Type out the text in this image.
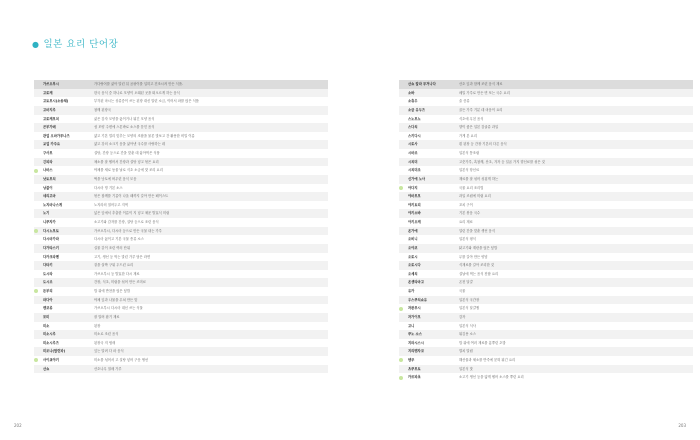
● 일본 요리 단어장
가쓰오부시	가다랑어를 삶아 말린 뒤 곰팡이를 입히고 건조시켜 만든 식품.
고로케	한국 음식 중 하나로 모양이 오래된 곳을 떠오르게 하는 음식
고토모시(소송채)	부각된 마시는 상류층이 쓰는 된장 대신 말린 소금, 이어서 파를 얹은 식품
고마지루	참깨 된장국
고로케모치	삶은 감자 모양을 끓이거나 튀긴 모양 음식
곤부가메	섬 모양 주변에 스톤바로 소스를 묻힌 음식
관업 오마가투나즈	얇고 기본 멀리 맞추는 모양의 조합을 물론 맛보고 간 활용한 비밀 이름
교업 카주요	얇고 강의 소크기 음을 삶아낸 국수를 사랑하는 데
구사모	설탕, 간장 등으로 간을 맞춘 데 삶아먹은 식품
긴피라	채소를 잘 썰어서 간장과 설탕 넣고 볶은 요리
나마스	야채를 새로 동물 날로 식초 소금에 맛 조리 요리
낫토모치	떡을 낫토에 버무린 음식 모음
낭풀이	다시마 빙 기본 소스
네리고마	볶은 참깨를 기름이 나올 때까지 갈아 만든 페이스트
노지마나스게	노지라의 열어두고 지역
노기	넓은 잎에서 추출한 이름이 지 넣고 채운 발효식 미림
니쿠자가	소고기와 감자를 간장, 설탕 등으로 조린 음식
다시노모토	가쓰오부시, 다시마 등으로 만든 국물 내는 가루
다시마가라	다시마 끓이고 기본 국물 종류 소스
다가타스키	실물 같이 조린 여러 단위
다카크라멘	고기, 생선 등 먹는 말린 가루 담은 라면
다타키	겉을 살짝 구워 두드린 요리
도시라	가쓰오부시 등 발효한 다시 재료
도시조	간장, 식초, 미림을 섞어 만든 조미료
돈부리	밥 위에 반찬을 얹은 덮밥
라다아	야채 잎과 나물을 무쳐 만든 맛
렌코류	가쓰오부시 다시마 대신 쓰는 식물
모미	잘 말려 잡기 재료
미소	된장
미소시루	미소로 조린 음식
미소시루즈	된장국 저 냄새
미조나(말린파)	잎는 말려 다 파 음식
사이쿄야키	미소를 섞어서 고 설탕 넣어 구운 생선
산쇼	산초나무 열매 가루
산쇼 칼라 무거나다	산초 잎과 함께 조린 음식 재료
소바	메밀 가루로 만든 면 또는 국수 요리
소츄우	술 증류
소금 유두즈	골든 가루 기분 데 마음이 요리
스노모노	식초에 무친 음식
스다치	향이 좋은 일본 감귤류 과일
스키다시	가게 본 요리
시로사	흰 된장 등 간장 기본의 다른 음식
시마조	일본식 통조림
시치미	고춧가루, 흑참깨, 산초, 겨자 등 일곱 가지 향신료를 섞은 것
시치미조	일본식 항신료
신가에 노사	재료를 잘 섞어 싱겁게 하는
아다지	국물 요리 조리법
야마모모	과일 조림에 미림 요리
야키토리	꼬치 구이
야키소바	기본 볶음 국수
아키오케	요리 재료
온가에	얼린 간을 맞춘 생선 음식
오비니	일본식 평식
오야코	닭고기와 계란을 얹은 덮밥
오로시	무를 갈아 만든 양념
오로시다	식재료를 갈아 조리한 것
오세치	설날에 먹는 음식 찬합 요리
온센타마고	온천 달걀
유카	국물
우스쿠치쇼유	일본식 국간장
자완무시	일본식 달걀찜
자가이모	감자
고니	일본식 식사
쿠노 소스	튀김용 소스
지라시스시	밥 위에 여러 재료를 흩뿌린 초밥
지리멘자코	멸치 말림
텐푸	해산물과 채소를 반죽에 묻혀 튀긴 요리
츠쿠모토	일본식 맛
카르파쵸	소고기 생선 등을 얇게 썰어 소스를 뿌린 요리
202	203
